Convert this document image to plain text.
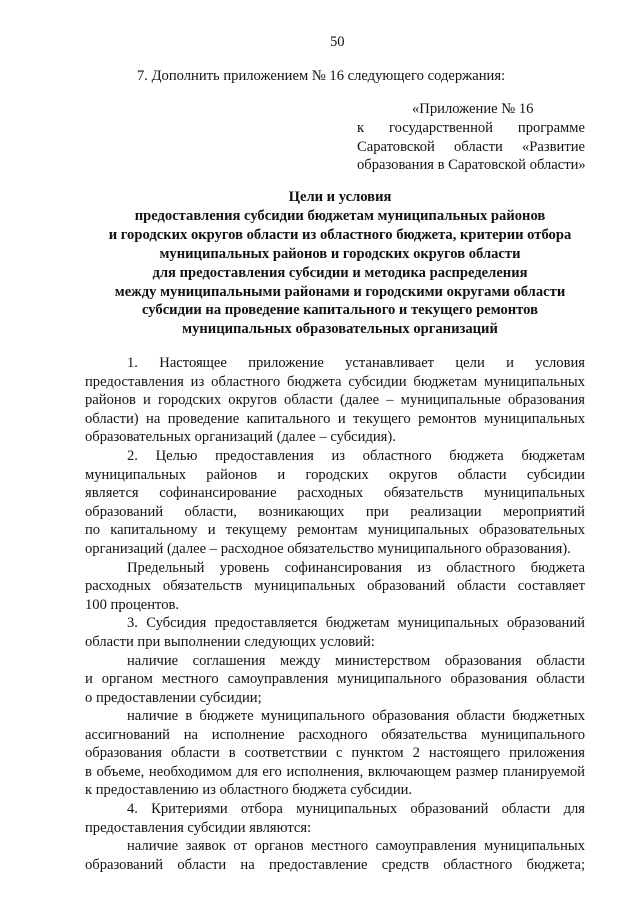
50
7. Дополнить приложением № 16 следующего содержания:
«Приложение № 16
к государственной программе
Саратовской области «Развитие
образования в Саратовской области»
Цели и условия
предоставления субсидии бюджетам муниципальных районов
и городских округов области из областного бюджета, критерии отбора
муниципальных районов и городских округов области
для предоставления субсидии и методика распределения
между муниципальными районами и городскими округами области
субсидии на проведение капитального и текущего ремонтов
муниципальных образовательных организаций
1. Настоящее приложение устанавливает цели и условия
предоставления из областного бюджета субсидии бюджетам муниципальных
районов и городских округов области (далее – муниципальные образования
области) на проведение капитального и текущего ремонтов муниципальных
образовательных организаций (далее – субсидия).
2. Целью предоставления из областного бюджета бюджетам
муниципальных районов и городских округов области субсидии
является софинансирование расходных обязательств муниципальных
образований области, возникающих при реализации мероприятий
по капитальному и текущему ремонтам муниципальных образовательных
организаций (далее – расходное обязательство муниципального образования).
Предельный уровень софинансирования из областного бюджета
расходных обязательств муниципальных образований области составляет
100 процентов.
3. Субсидия предоставляется бюджетам муниципальных образований
области при выполнении следующих условий:
наличие соглашения между министерством образования области
и органом местного самоуправления муниципального образования области
о предоставлении субсидии;
наличие в бюджете муниципального образования области бюджетных
ассигнований на исполнение расходного обязательства муниципального
образования области в соответствии с пунктом 2 настоящего приложения
в объеме, необходимом для его исполнения, включающем размер планируемой
к предоставлению из областного бюджета субсидии.
4. Критериями отбора муниципальных образований области для
предоставления субсидии являются:
наличие заявок от органов местного самоуправления муниципальных
образований области на предоставление средств областного бюджета;
